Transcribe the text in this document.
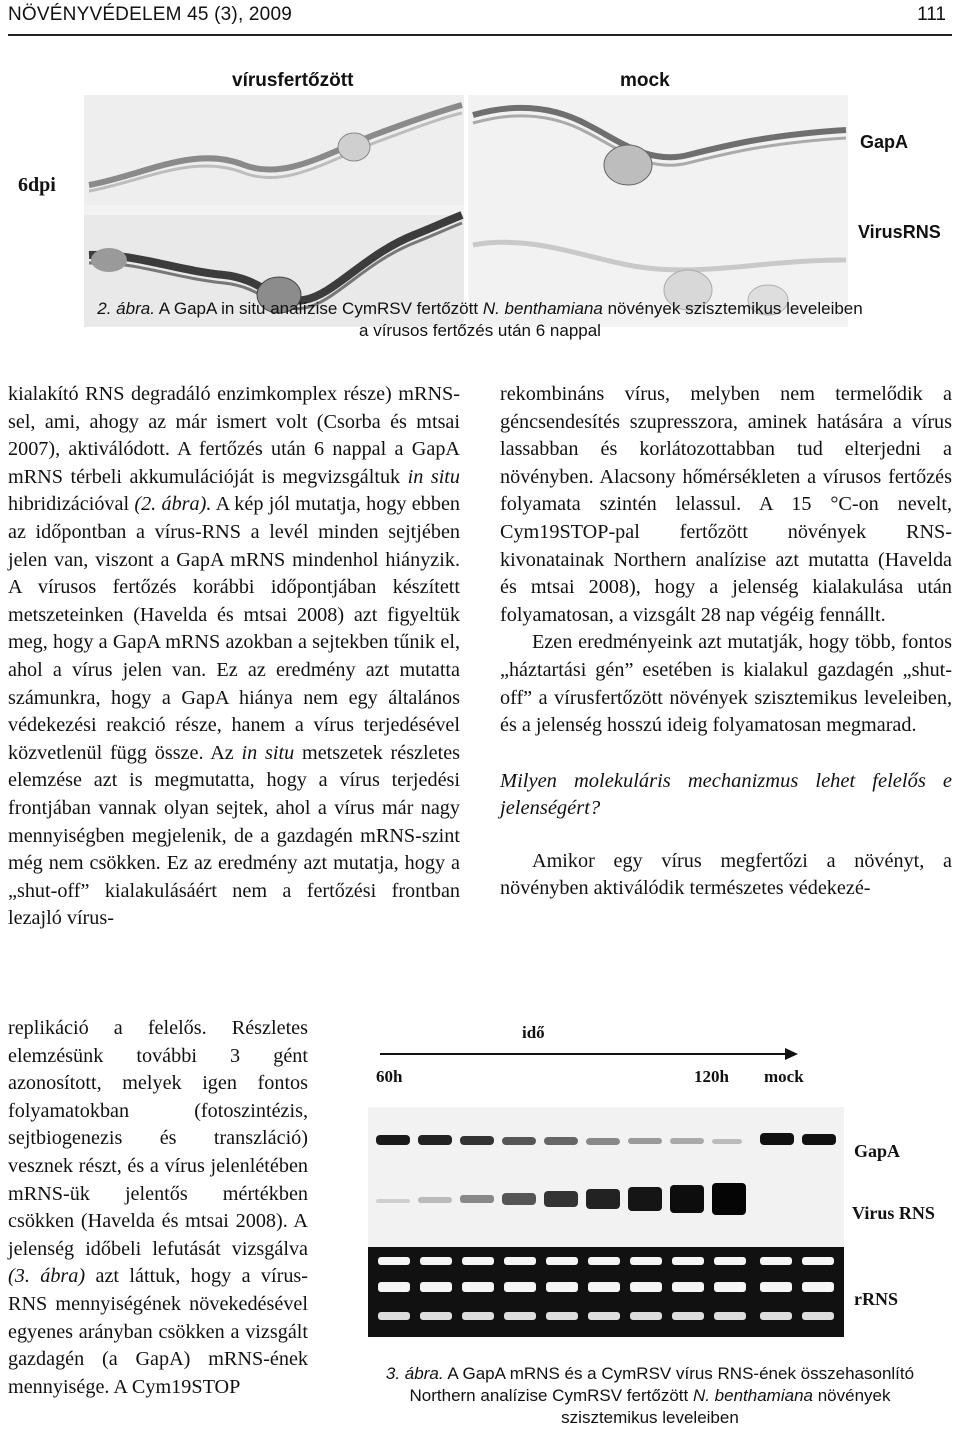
NÖVÉNYVÉDELEM 45 (3), 2009	111
vírusfertőzött	mock
6dpi
GapA
VirusRNS
2. ábra. A GapA in situ analízise CymRSV fertőzött N. benthamiana növények szisztemikus leveleiben
a vírusos fertőzés után 6 nappal

kialakító RNS degradáló enzimkomplex része) mRNS-sel, ami, ahogy az már ismert volt (Csorba és mtsai 2007), aktiválódott. A fertőzés után 6 nappal a GapA mRNS térbeli akkumulációját is megvizsgáltuk in situ hibridizációval (2. ábra). A kép jól mutatja, hogy ebben az időpontban a vírus-RNS a levél minden sejtjében jelen van, viszont a GapA mRNS mindenhol hiányzik. A vírusos fertőzés korábbi időpontjában készített metszeteinken (Havelda és mtsai 2008) azt figyeltük meg, hogy a GapA mRNS azokban a sejtekben tűnik el, ahol a vírus jelen van. Ez az eredmény azt mutatta számunkra, hogy a GapA hiánya nem egy általános védekezési reakció része, hanem a vírus terjedésével közvetlenül függ össze. Az in situ metszetek részletes elemzése azt is megmutatta, hogy a vírus terjedési frontjában vannak olyan sejtek, ahol a vírus már nagy mennyiségben megjelenik, de a gazdagén mRNS-szint még nem csökken. Ez az eredmény azt mutatja, hogy a „shut-off” kialakulásáért nem a fertőzési frontban lezajló vírus-

replikáció a felelős. Részletes elemzésünk további 3 gént azonosított, melyek igen fontos folyamatokban (fotoszintézis, sejtbiogenezis és transzláció) vesznek részt, és a vírus jelenlétében mRNS-ük jelentős mértékben csökken (Havelda és mtsai 2008). A jelenség időbeli lefutását vizsgálva (3. ábra) azt láttuk, hogy a vírus-RNS mennyiségének növekedésével egyenes arányban csökken a vizsgált gazdagén (a GapA) mRNS-ének mennyisége. A Cym19STOP

rekombináns vírus, melyben nem termelődik a géncsendesítés szupresszora, aminek hatására a vírus lassabban és korlátozottabban tud elterjedni a növényben. Alacsony hőmérsékleten a vírusos fertőzés folyamata szintén lelassul. A 15 °C-on nevelt, Cym19STOP-pal fertőzött növények RNS-kivonatainak Northern analízise azt mutatta (Havelda és mtsai 2008), hogy a jelenség kialakulása után folyamatosan, a vizsgált 28 nap végéig fennállt.

Ezen eredményeink azt mutatják, hogy több, fontos „háztartási gén” esetében is kialakul gazdagén „shut-off” a vírusfertőzött növények szisztemikus leveleiben, és a jelenség hosszú ideig folyamatosan megmarad.

Milyen molekuláris mechanizmus lehet felelős e jelenségért?

Amikor egy vírus megfertőzi a növényt, a növényben aktiválódik természetes védekezé-

idő
60h	120h mock
GapA
Virus RNS
rRNS
3. ábra. A GapA mRNS és a CymRSV vírus RNS-ének összehasonlító
Northern analízise CymRSV fertőzött N. benthamiana növények
szisztemikus leveleiben
